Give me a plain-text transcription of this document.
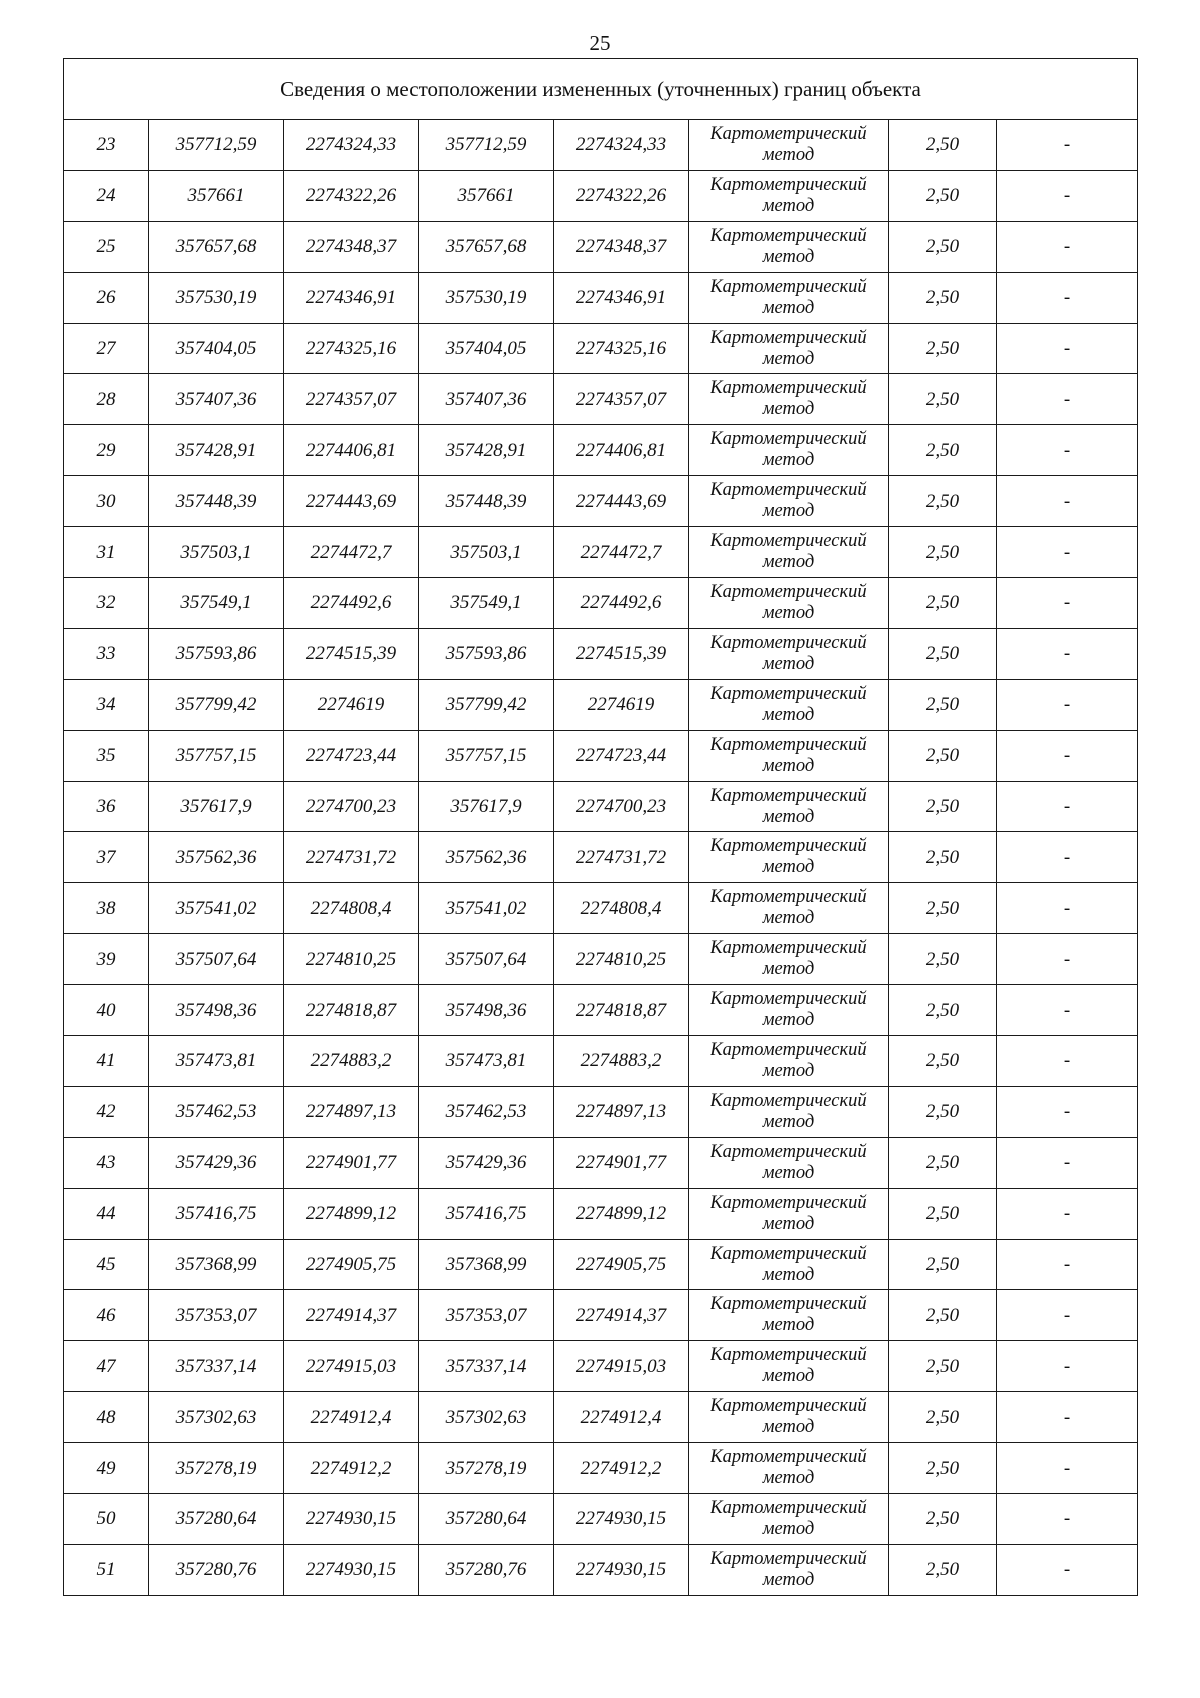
25
Сведения о местоположении измененных (уточненных) границ объекта							
23	357712,59	2274324,33	357712,59	2274324,33	Картометрический
метод	2,50	-
24	357661	2274322,26	357661	2274322,26	Картометрический
метод	2,50	-
25	357657,68	2274348,37	357657,68	2274348,37	Картометрический
метод	2,50	-
26	357530,19	2274346,91	357530,19	2274346,91	Картометрический
метод	2,50	-
27	357404,05	2274325,16	357404,05	2274325,16	Картометрический
метод	2,50	-
28	357407,36	2274357,07	357407,36	2274357,07	Картометрический
метод	2,50	-
29	357428,91	2274406,81	357428,91	2274406,81	Картометрический
метод	2,50	-
30	357448,39	2274443,69	357448,39	2274443,69	Картометрический
метод	2,50	-
31	357503,1	2274472,7	357503,1	2274472,7	Картометрический
метод	2,50	-
32	357549,1	2274492,6	357549,1	2274492,6	Картометрический
метод	2,50	-
33	357593,86	2274515,39	357593,86	2274515,39	Картометрический
метод	2,50	-
34	357799,42	2274619	357799,42	2274619	Картометрический
метод	2,50	-
35	357757,15	2274723,44	357757,15	2274723,44	Картометрический
метод	2,50	-
36	357617,9	2274700,23	357617,9	2274700,23	Картометрический
метод	2,50	-
37	357562,36	2274731,72	357562,36	2274731,72	Картометрический
метод	2,50	-
38	357541,02	2274808,4	357541,02	2274808,4	Картометрический
метод	2,50	-
39	357507,64	2274810,25	357507,64	2274810,25	Картометрический
метод	2,50	-
40	357498,36	2274818,87	357498,36	2274818,87	Картометрический
метод	2,50	-
41	357473,81	2274883,2	357473,81	2274883,2	Картометрический
метод	2,50	-
42	357462,53	2274897,13	357462,53	2274897,13	Картометрический
метод	2,50	-
43	357429,36	2274901,77	357429,36	2274901,77	Картометрический
метод	2,50	-
44	357416,75	2274899,12	357416,75	2274899,12	Картометрический
метод	2,50	-
45	357368,99	2274905,75	357368,99	2274905,75	Картометрический
метод	2,50	-
46	357353,07	2274914,37	357353,07	2274914,37	Картометрический
метод	2,50	-
47	357337,14	2274915,03	357337,14	2274915,03	Картометрический
метод	2,50	-
48	357302,63	2274912,4	357302,63	2274912,4	Картометрический
метод	2,50	-
49	357278,19	2274912,2	357278,19	2274912,2	Картометрический
метод	2,50	-
50	357280,64	2274930,15	357280,64	2274930,15	Картометрический
метод	2,50	-
51	357280,76	2274930,15	357280,76	2274930,15	Картометрический
метод	2,50	-
